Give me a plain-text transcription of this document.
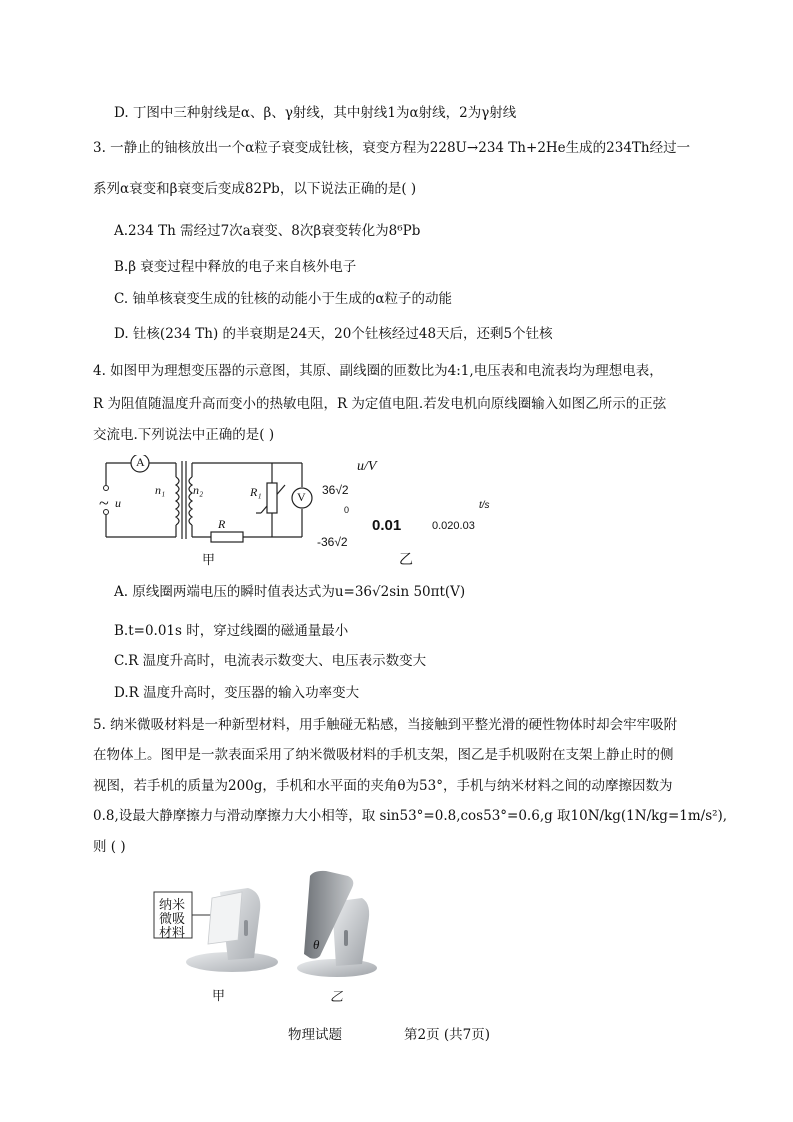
D. 丁图中三种射线是α、β、γ射线，其中射线1为α射线，2为γ射线
3. 一静止的铀核放出一个α粒子衰变成钍核，衰变方程为228U→234 Th+2He生成的234Th经过一
系列α衰变和β衰变后变成82Pb，以下说法正确的是( )
A.234 Th 需经过7次a衰变、8次β衰变转化为8⁶Pb
B.β 衰变过程中释放的电子来自核外电子
C. 铀单核衰变生成的钍核的动能小于生成的α粒子的动能
D. 钍核(234 Th) 的半衰期是24天，20个钍核经过48天后，还剩5个钍核
4. 如图甲为理想变压器的示意图，其原、副线圈的匝数比为4:1,电压表和电流表均为理想电表，
R 为阻值随温度升高而变小的热敏电阻，R 为定值电阻.若发电机向原线圈输入如图乙所示的正弦
交流电.下列说法中正确的是( )
A
V
~ u
n₁ n₂	R₁
R
甲
u/V
36√2
0	t/s
0.01	0.020.03
-36√2
乙
A. 原线圈两端电压的瞬时值表达式为u=36√2sin 50πt(V)
B.t=0.01s 时，穿过线圈的磁通量最小
C.R 温度升高时，电流表示数变大、电压表示数变大
D.R 温度升高时，变压器的输入功率变大
5. 纳米微吸材料是一种新型材料，用手触碰无粘感，当接触到平整光滑的硬性物体时却会牢牢吸附
在物体上。图甲是一款表面采用了纳米微吸材料的手机支架，图乙是手机吸附在支架上静止时的侧
视图，若手机的质量为200g，手机和水平面的夹角θ为53°，手机与纳米材料之间的动摩擦因数为
0.8,设最大静摩擦力与滑动摩擦力大小相等，取 sin53°=0.8,cos53°=0.6,g 取10N/kg(1N/kg=1m/s²),
则 ( )
纳米
微吸
材料
甲
θ
乙
物理试题	第2页 (共7页)
